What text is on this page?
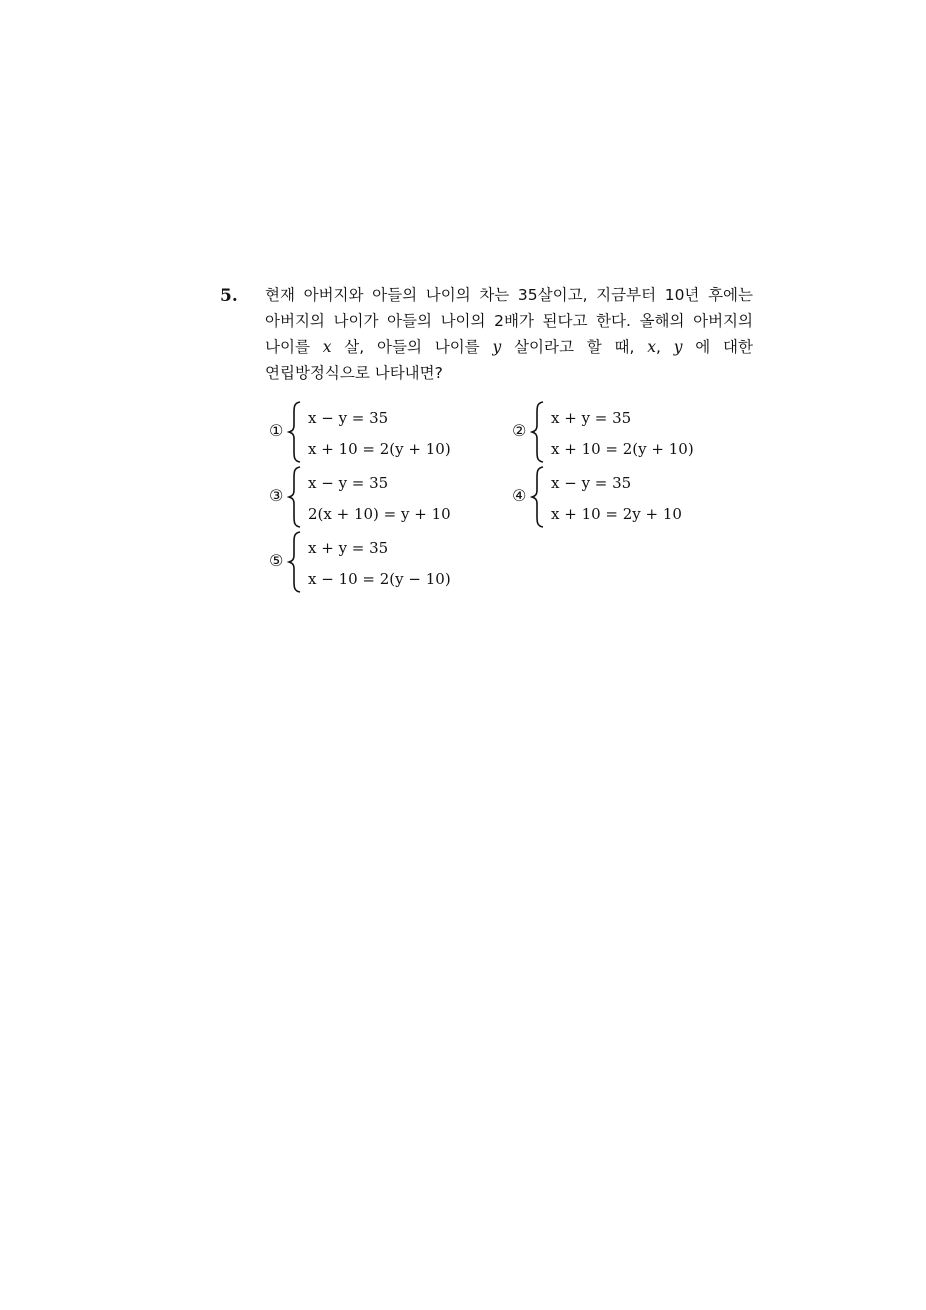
5. 현재 아버지와 아들의 나이의 차는 35살이고, 지금부터 10년 후에는 아버지의 나이가 아들의 나이의 2배가 된다고 한다. 올해의 아버지의 나이를 x 살, 아들의 나이를 y 살이라고 할 때, x, y 에 대한 연립방정식으로 나타내면?
①
x − y = 35
x + 10 = 2(y + 10)
②
x + y = 35
x + 10 = 2(y + 10)
③
x − y = 35
2(x + 10) = y + 10
④
x − y = 35
x + 10 = 2y + 10
⑤
x + y = 35
x − 10 = 2(y − 10)
